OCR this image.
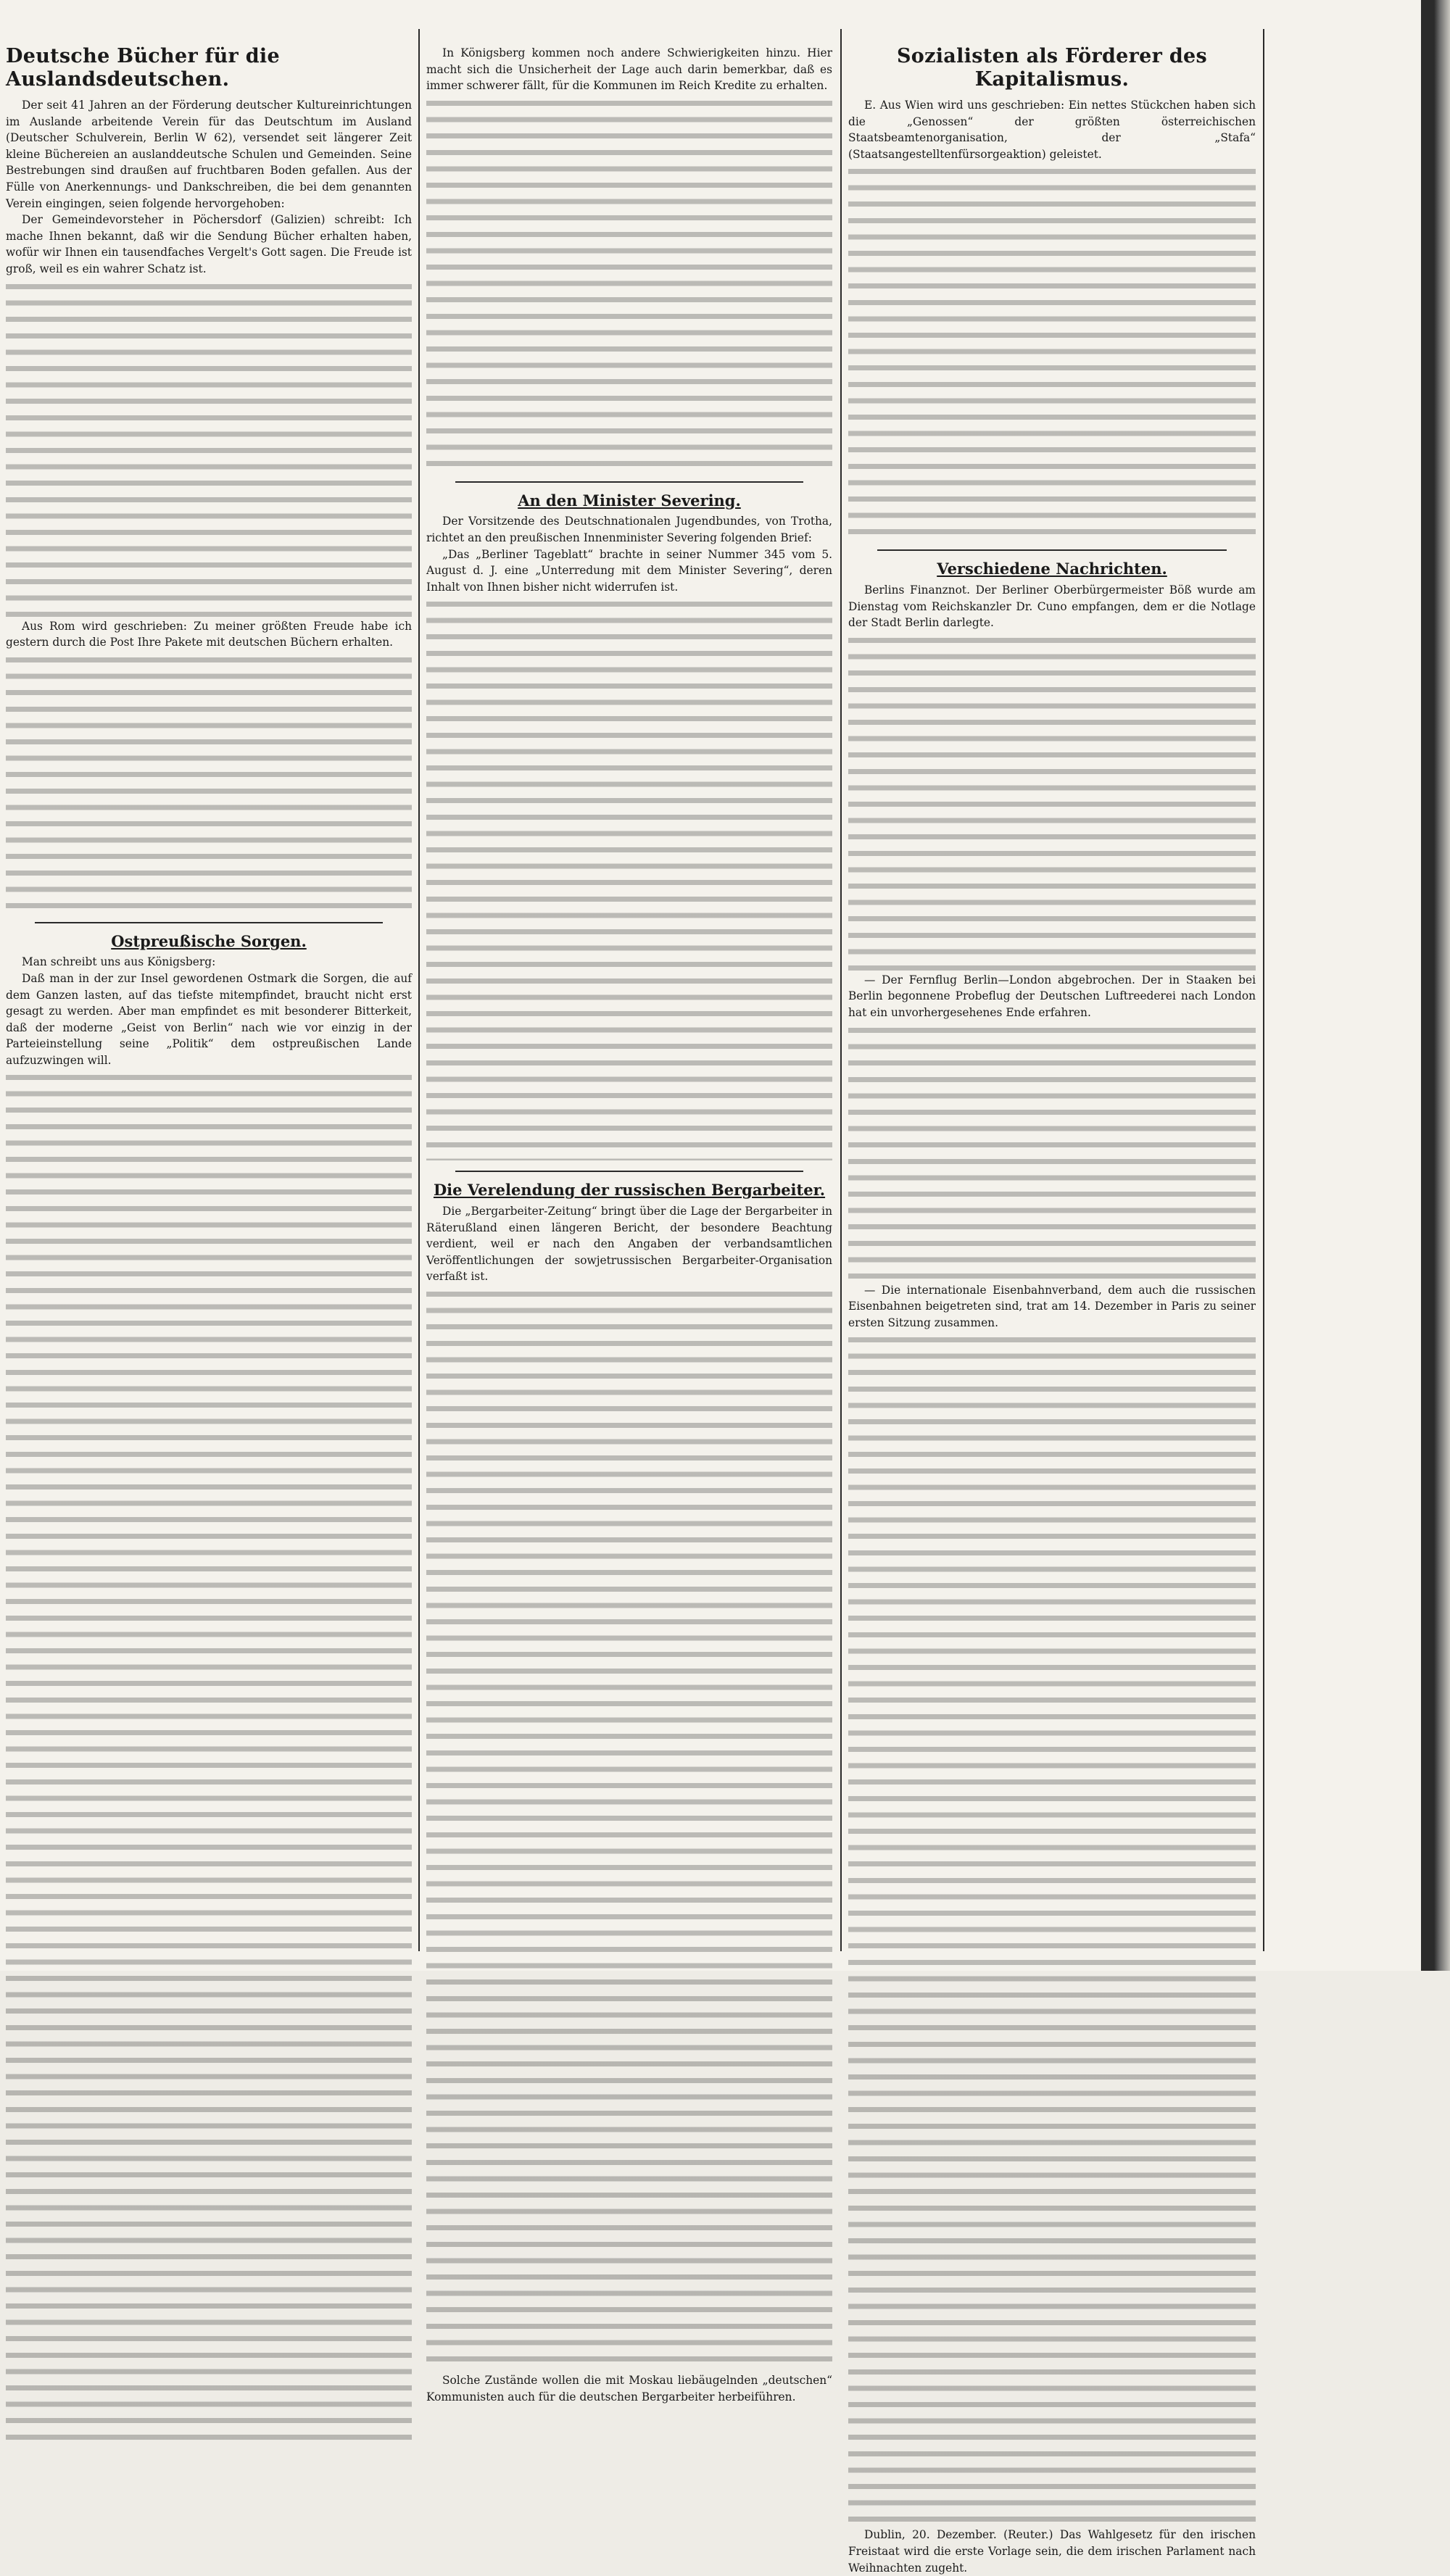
Deutsche Bücher für die Auslandsdeutschen.

Der seit 41 Jahren an der Förderung deutscher Kultureinrichtungen im Auslande arbeitende Verein für das Deutschtum im Ausland (Deutscher Schulverein, Berlin W 62), versendet seit längerer Zeit kleine Büchereien an auslanddeutsche Schulen und Gemeinden. Seine Bestrebungen sind draußen auf fruchtbaren Boden gefallen. Aus der Fülle von Anerkennungs- und Dankschreiben, die bei dem genannten Verein eingingen, seien folgende hervorgehoben:

Der Gemeindevorsteher in Pöchersdorf (Galizien) schreibt: Ich mache Ihnen bekannt, daß wir die Sendung Bücher erhalten haben, wofür wir Ihnen ein tausendfaches Vergelt's Gott sagen. Die Freude ist groß, weil es ein wahrer Schatz ist.

Aus Rom wird geschrieben: Zu meiner größten Freude habe ich gestern durch die Post Ihre Pakete mit deutschen Büchern erhalten.

Ostpreußische Sorgen.

Man schreibt uns aus Königsberg:

Daß man in der zur Insel gewordenen Ostmark die Sorgen, die auf dem Ganzen lasten, auf das tiefste mitempfindet, braucht nicht erst gesagt zu werden. Aber man empfindet es mit besonderer Bitterkeit, daß der moderne „Geist von Berlin“ nach wie vor einzig in der Parteieinstellung seine „Politik“ dem ostpreußischen Lande aufzuzwingen will.

In Königsberg kommen noch andere Schwierigkeiten hinzu. Hier macht sich die Unsicherheit der Lage auch darin bemerkbar, daß es immer schwerer fällt, für die Kommunen im Reich Kredite zu erhalten.

An den Minister Severing.

Der Vorsitzende des Deutschnationalen Jugendbundes, von Trotha, richtet an den preußischen Innenminister Severing folgenden Brief:

„Das „Berliner Tageblatt“ brachte in seiner Nummer 345 vom 5. August d. J. eine „Unterredung mit dem Minister Severing“, deren Inhalt von Ihnen bisher nicht widerrufen ist.

Die Verelendung der russischen Bergarbeiter.

Die „Bergarbeiter-Zeitung“ bringt über die Lage der Bergarbeiter in Räterußland einen längeren Bericht, der besondere Beachtung verdient, weil er nach den Angaben der verbandsamtlichen Veröffentlichungen der sowjetrussischen Bergarbeiter-Organisation verfaßt ist.

Solche Zustände wollen die mit Moskau liebäugelnden „deutschen“ Kommunisten auch für die deutschen Bergarbeiter herbeiführen.

Sozialisten als Förderer des Kapitalismus.

E. Aus Wien wird uns geschrieben: Ein nettes Stückchen haben sich die „Genossen“ der größten österreichischen Staatsbeamtenorganisation, der „Stafa“ (Staatsangestelltenfürsorgeaktion) geleistet.

Verschiedene Nachrichten.

Berlins Finanznot. Der Berliner Oberbürgermeister Böß wurde am Dienstag vom Reichskanzler Dr. Cuno empfangen, dem er die Notlage der Stadt Berlin darlegte.

— Der Fernflug Berlin—London abgebrochen. Der in Staaken bei Berlin begonnene Probeflug der Deutschen Luftreederei nach London hat ein unvorhergesehenes Ende erfahren.

— Die internationale Eisenbahnverband, dem auch die russischen Eisenbahnen beigetreten sind, trat am 14. Dezember in Paris zu seiner ersten Sitzung zusammen.

Dublin, 20. Dezember. (Reuter.) Das Wahlgesetz für den irischen Freistaat wird die erste Vorlage sein, die dem irischen Parlament nach Weihnachten zugeht.
